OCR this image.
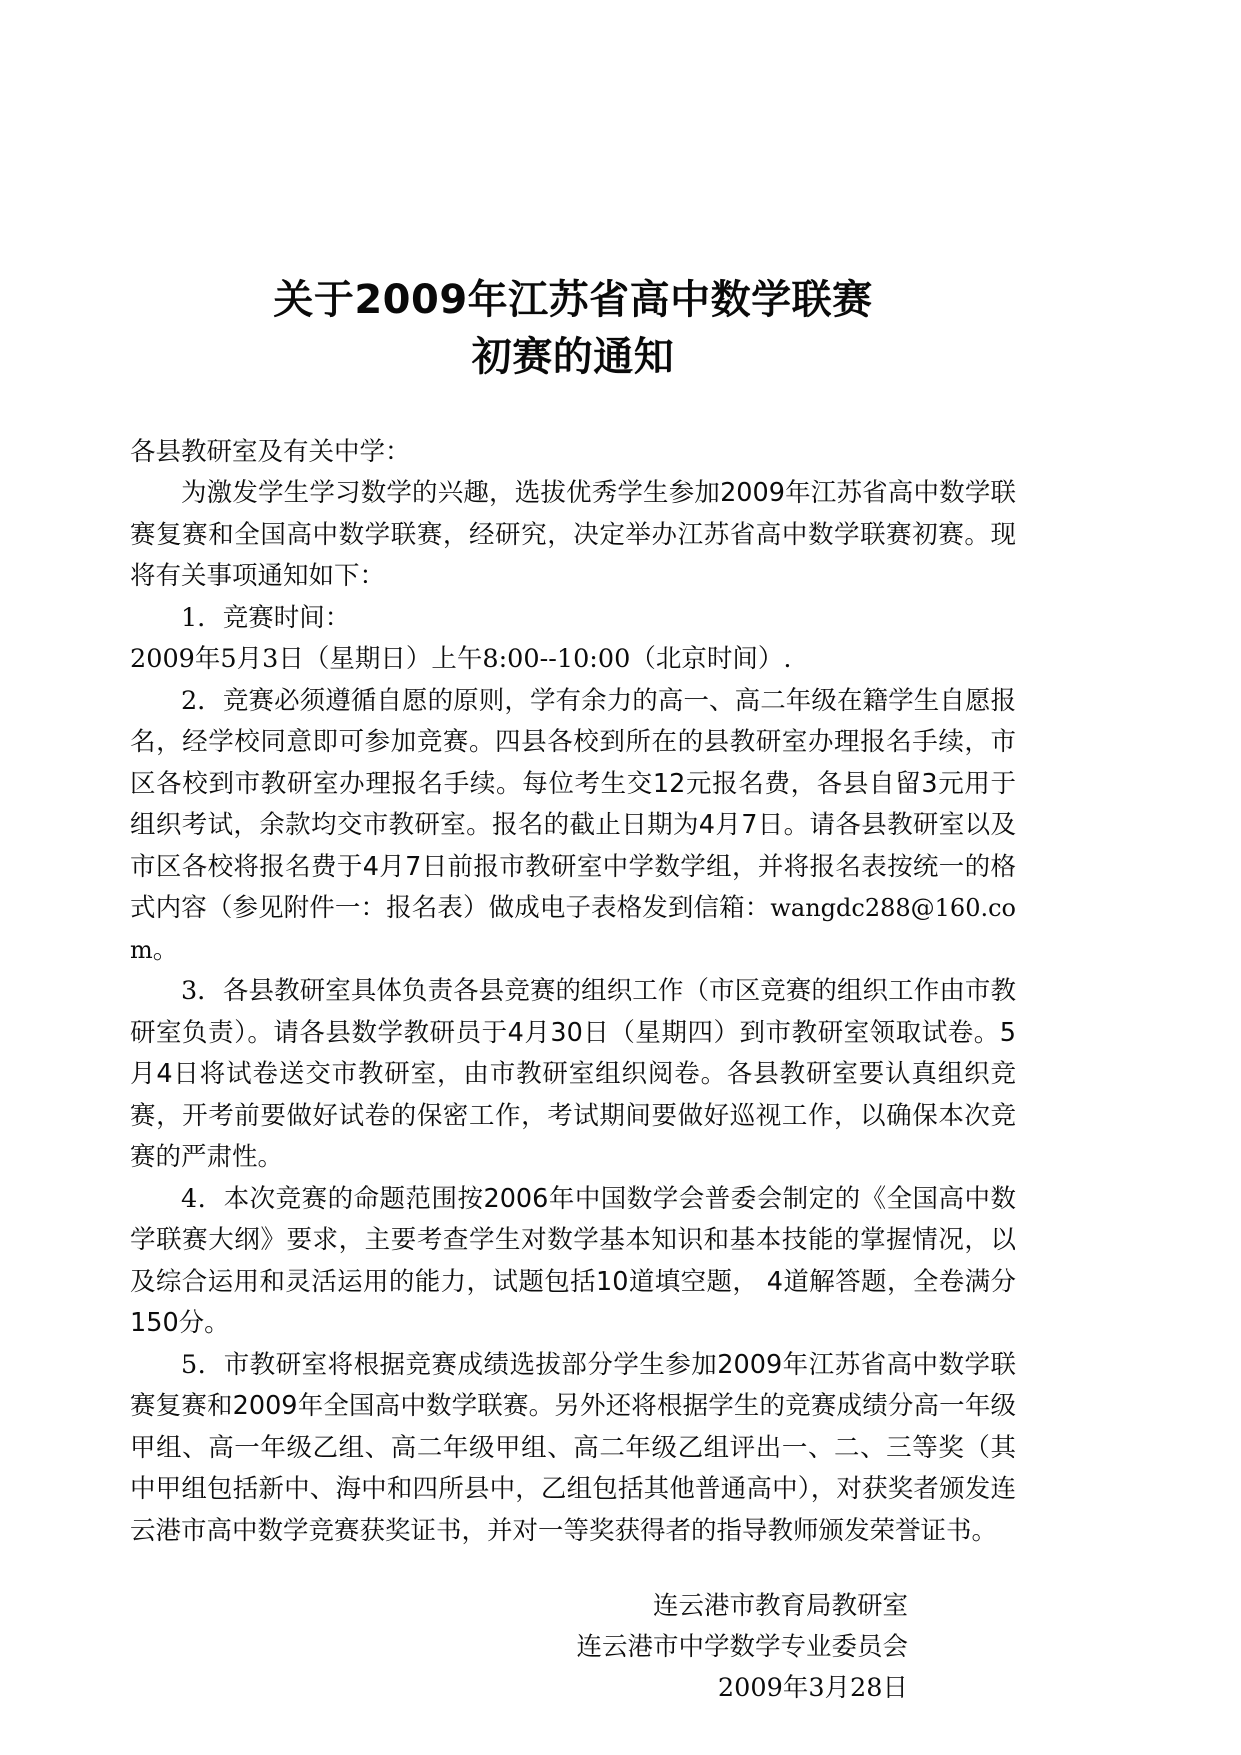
关于2009年江苏省高中数学联赛
初赛的通知

各县教研室及有关中学：

为激发学生学习数学的兴趣，选拔优秀学生参加2009年江苏省高中数学联赛复赛和全国高中数学联赛，经研究，决定举办江苏省高中数学联赛初赛。现将有关事项通知如下：

1．竞赛时间：

2009年5月3日（星期日）上午8:00--10:00（北京时间）.

2．竞赛必须遵循自愿的原则，学有余力的高一、高二年级在籍学生自愿报名，经学校同意即可参加竞赛。四县各校到所在的县教研室办理报名手续，市区各校到市教研室办理报名手续。每位考生交12元报名费，各县自留3元用于组织考试，余款均交市教研室。报名的截止日期为4月7日。请各县教研室以及市区各校将报名费于4月7日前报市教研室中学数学组，并将报名表按统一的格式内容（参见附件一：报名表）做成电子表格发到信箱：wangdc288@160.com。

3．各县教研室具体负责各县竞赛的组织工作（市区竞赛的组织工作由市教研室负责）。请各县数学教研员于4月30日（星期四）到市教研室领取试卷。5月4日将试卷送交市教研室，由市教研室组织阅卷。各县教研室要认真组织竞赛，开考前要做好试卷的保密工作，考试期间要做好巡视工作，以确保本次竞赛的严肃性。

4．本次竞赛的命题范围按2006年中国数学会普委会制定的《全国高中数学联赛大纲》要求，主要考查学生对数学基本知识和基本技能的掌握情况，以及综合运用和灵活运用的能力，试题包括10道填空题， 4道解答题，全卷满分150分。

5．市教研室将根据竞赛成绩选拔部分学生参加2009年江苏省高中数学联赛复赛和2009年全国高中数学联赛。另外还将根据学生的竞赛成绩分高一年级甲组、高一年级乙组、高二年级甲组、高二年级乙组评出一、二、三等奖（其中甲组包括新中、海中和四所县中，乙组包括其他普通高中），对获奖者颁发连云港市高中数学竞赛获奖证书，并对一等奖获得者的指导教师颁发荣誉证书。

连云港市教育局教研室
连云港市中学数学专业委员会
2009年3月28日
